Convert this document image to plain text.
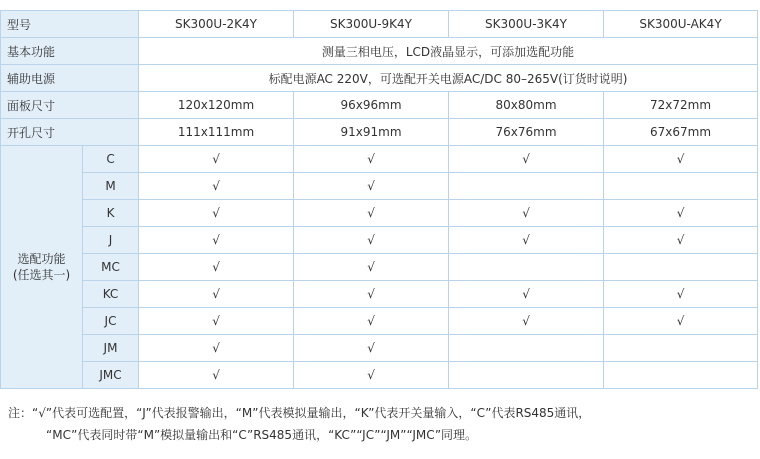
型号		SK300U-2K4Y	SK300U-9K4Y	SK300U-3K4Y	SK300U-AK4Y
基本功能		测量三相电压，LCD液晶显示，可添加选配功能			
辅助电源		标配电源AC 220V，可选配开关电源AC/DC 80–265V(订货时说明)			
面板尺寸		120x120mm	96x96mm	80x80mm	72x72mm
开孔尺寸		111x111mm	91x91mm	76x76mm	67x67mm

选配功能
(任选其一)	C	√	√	√	√
	M	√	√		
	K	√	√	√	√
	J	√	√	√	√
	MC	√	√		
	KC	√	√	√	√
	JC	√	√	√	√
	JM	√	√		
	JMC	√	√		
注：“√”代表可选配置，“J”代表报警输出，“M”代表模拟量输出，“K”代表开关量输入，“C”代表RS485通讯，
“MC”代表同时带“M”模拟量输出和“C”RS485通讯，“KC”“JC”“JM”“JMC”同理。
